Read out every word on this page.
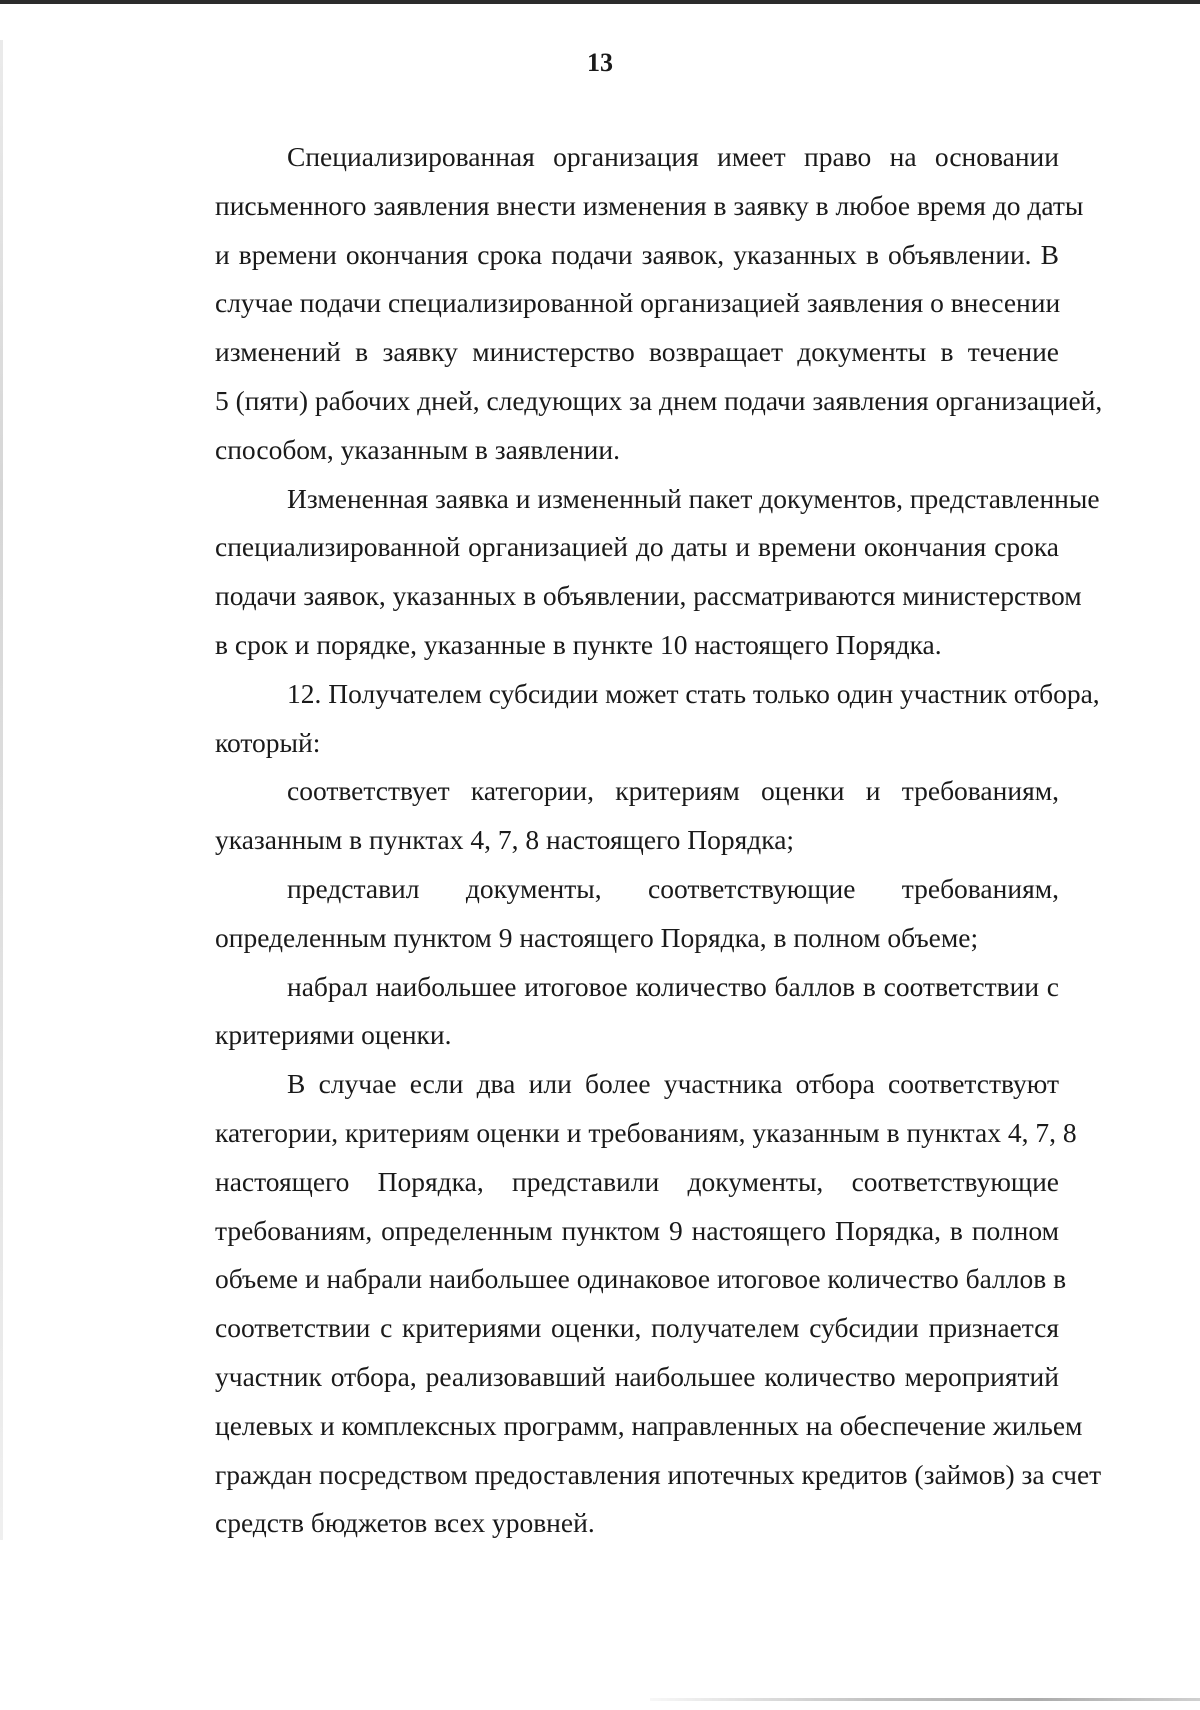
13
Специализированная организация имеет право на основании
письменного заявления внести изменения в заявку в любое время до даты
и времени окончания срока подачи заявок, указанных в объявлении. В
случае подачи специализированной организацией заявления о внесении
изменений в заявку министерство возвращает документы в течение
5 (пяти) рабочих дней, следующих за днем подачи заявления организацией,
способом, указанным в заявлении.
Измененная заявка и измененный пакет документов, представленные
специализированной организацией до даты и времени окончания срока
подачи заявок, указанных в объявлении, рассматриваются министерством
в срок и порядке, указанные в пункте 10 настоящего Порядка.
12. Получателем субсидии может стать только один участник отбора,
который:
соответствует категории, критериям оценки и требованиям,
указанным в пунктах 4, 7, 8 настоящего Порядка;
представил документы, соответствующие требованиям,
определенным пунктом 9 настоящего Порядка, в полном объеме;
набрал наибольшее итоговое количество баллов в соответствии с
критериями оценки.
В случае если два или более участника отбора соответствуют
категории, критериям оценки и требованиям, указанным в пунктах 4, 7, 8
настоящего Порядка, представили документы, соответствующие
требованиям, определенным пунктом 9 настоящего Порядка, в полном
объеме и набрали наибольшее одинаковое итоговое количество баллов в
соответствии с критериями оценки, получателем субсидии признается
участник отбора, реализовавший наибольшее количество мероприятий
целевых и комплексных программ, направленных на обеспечение жильем
граждан посредством предоставления ипотечных кредитов (займов) за счет
средств бюджетов всех уровней.
